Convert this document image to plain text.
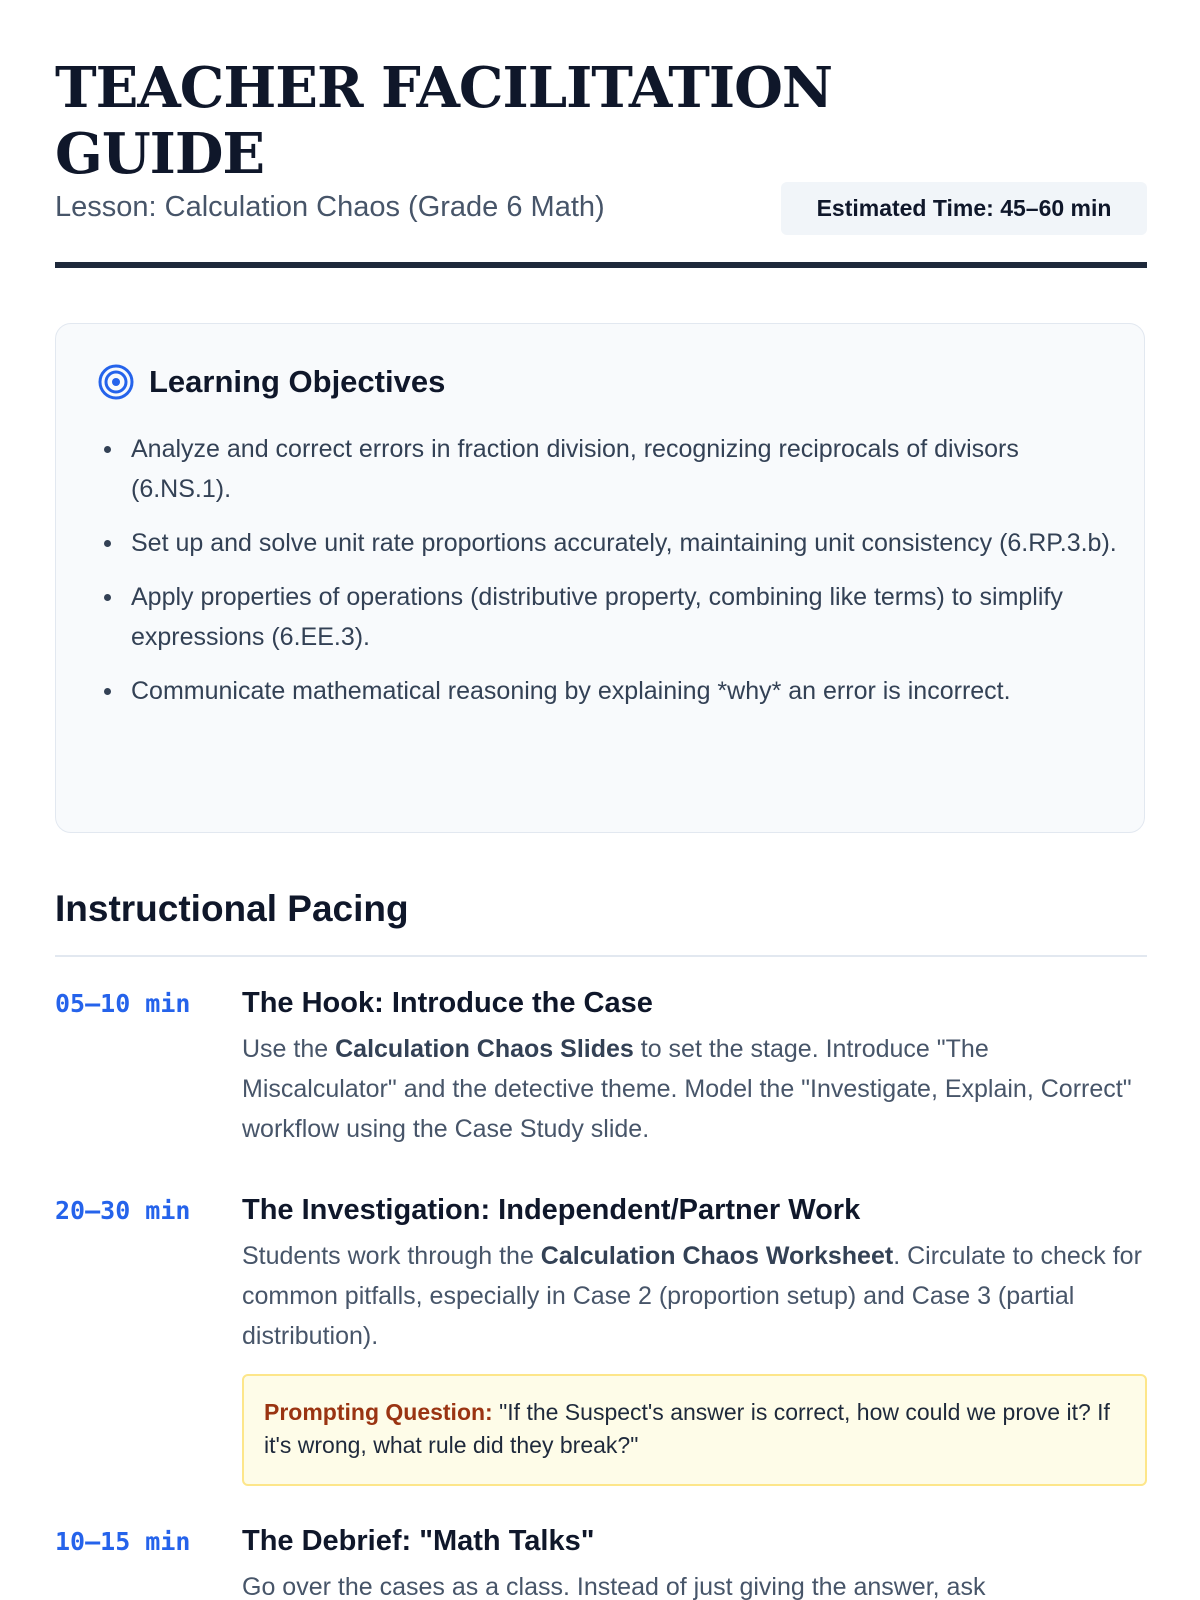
TEACHER FACILITATION GUIDE
Lesson: Calculation Chaos (Grade 6 Math)	Estimated Time: 45–60 min
Learning Objectives
Analyze and correct errors in fraction division, recognizing reciprocals of divisors (6.NS.1).
Set up and solve unit rate proportions accurately, maintaining unit consistency (6.RP.3.b).
Apply properties of operations (distributive property, combining like terms) to simplify expressions (6.EE.3).
Communicate mathematical reasoning by explaining *why* an error is incorrect.
Instructional Pacing
05–10 min The Hook: Introduce the Case
Use the Calculation Chaos Slides to set the stage. Introduce "The Miscalculator" and the detective theme. Model the "Investigate, Explain, Correct" workflow using the Case Study slide.
20–30 min The Investigation: Independent/Partner Work
Students work through the Calculation Chaos Worksheet. Circulate to check for common pitfalls, especially in Case 2 (proportion setup) and Case 3 (partial distribution).
Prompting Question: "If the Suspect's answer is correct, how could we prove it? If it's wrong, what rule did they break?"
10–15 min The Debrief: "Math Talks"
Go over the cases as a class. Instead of just giving the answer, ask
